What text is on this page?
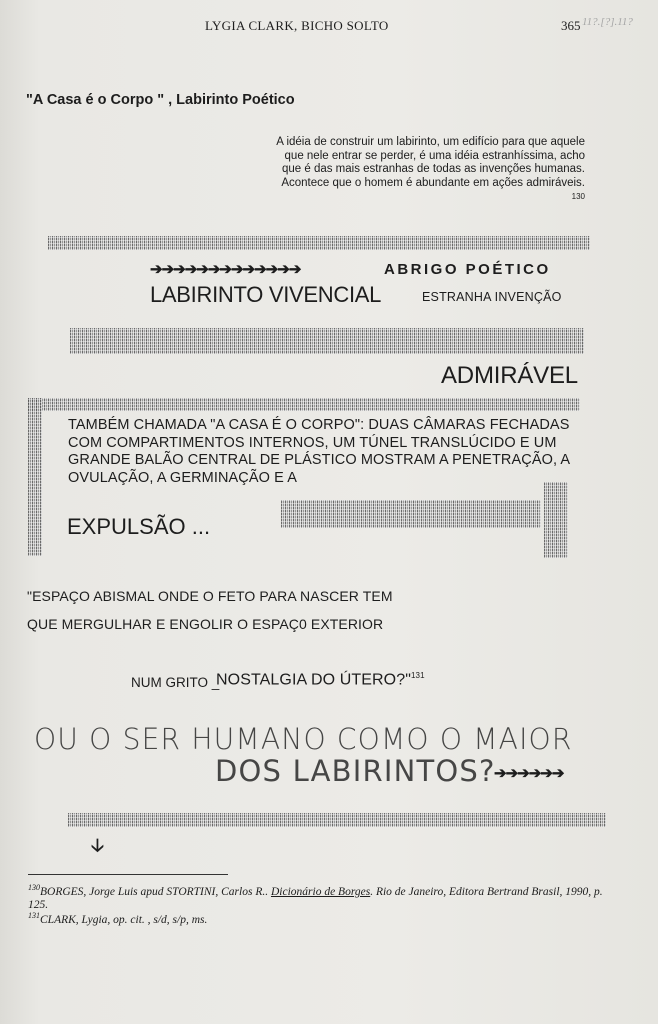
LYGIA CLARK, BICHO SOLTO	365 11?.[?].11?

"A Casa é o Corpo " , Labirinto Poético
A idéia de construir um labirinto, um edifício para que aquele que nele entrar se perder, é uma idéia estranhíssima, acho que é das mais estranhas de todas as invenções humanas. Acontece que o homem é abundante em ações admiráveis. $^{130}$
➔➔➔➔➔➔➔➔➔➔➔➔➔	ABRIGO POÉTICO
LABIRINTO VIVENCIAL	ESTRANHA INVENÇÃO
ADMIRÁVEL
TAMBÉM CHAMADA "A CASA É O CORPO": DUAS CÂMARAS FECHADAS COM COMPARTIMENTOS INTERNOS, UM TÚNEL TRANSLÚCIDO E UM GRANDE BALÃO CENTRAL DE PLÁSTICO MOSTRAM A PENETRAÇÃO, A OVULAÇÃO, A GERMINAÇÃO E A
EXPULSÃO ...
"ESPAÇO ABISMAL ONDE O FETO PARA NASCER TEM
QUE MERGULHAR E ENGOLIR O ESPAÇ0 EXTERIOR
NUM GRITO _
NOSTALGIA DO ÚTERO?"$^{131}$
OU O SER HUMANO COMO O MAIOR
DOS LABIRINTOS?
➔➔➔➔➔➔
🡣
$^{130}$BORGES, Jorge Luis apud STORTINI, Carlos R.. Dicionário de Borges. Rio de Janeiro, Editora Bertrand Brasil, 1990, p. 125.
$^{131}$CLARK, Lygia, op. cit. , s/d, s/p, ms.
